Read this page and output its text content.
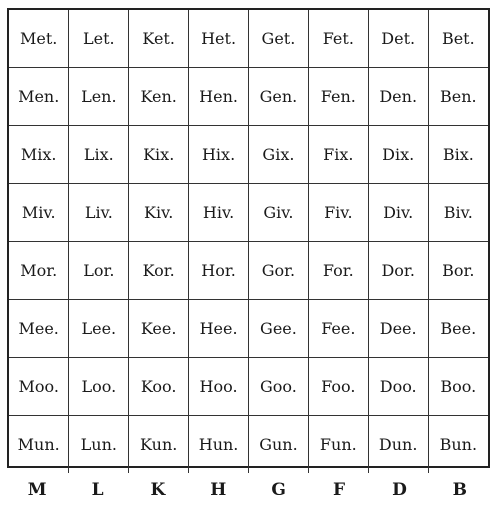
Met.	Let.	Ket.	Het.	Get.	Fet.	Det.	Bet.
Men.	Len.	Ken.	Hen.	Gen.	Fen.	Den.	Ben.
Mix.	Lix.	Kix.	Hix.	Gix.	Fix.	Dix.	Bix.
Miv.	Liv.	Kiv.	Hiv.	Giv.	Fiv.	Div.	Biv.
Mor.	Lor.	Kor.	Hor.	Gor.	For.	Dor.	Bor.
Mee.	Lee.	Kee.	Hee.	Gee.	Fee.	Dee.	Bee.
Moo.	Loo.	Koo.	Hoo.	Goo.	Foo.	Doo.	Boo.
Mun.	Lun.	Kun.	Hun.	Gun.	Fun.	Dun.	Bun.
M	L	K	H	G	F	D	B
